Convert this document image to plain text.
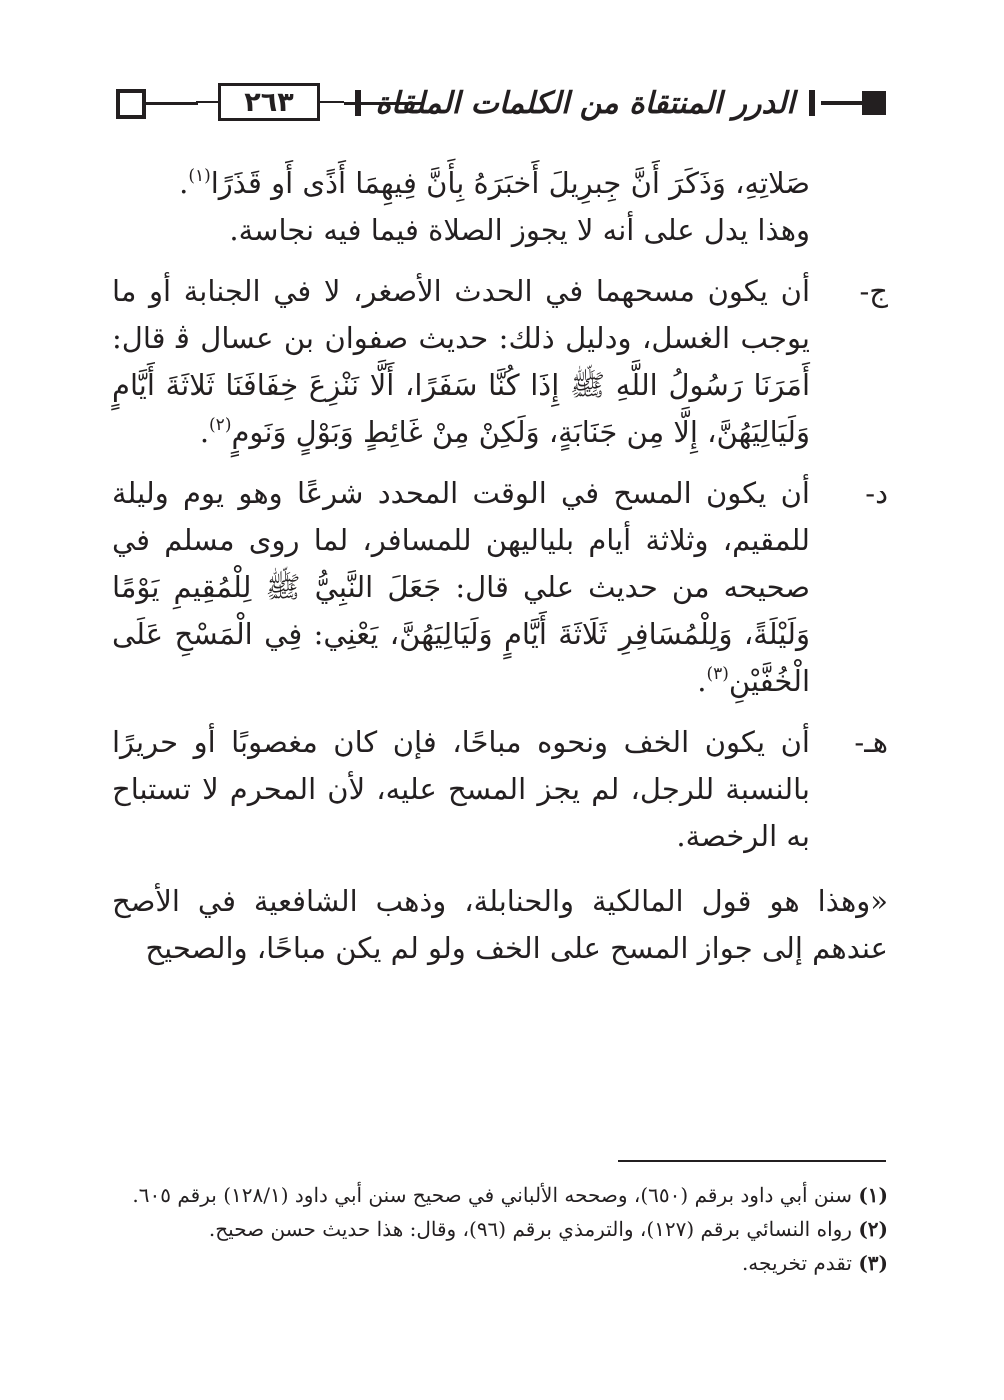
٢٦٣	الدرر المنتقاة من الكلمات الملقاة

صَلاتِهِ، وَذَكَرَ أَنَّ جِبرِيلَ أَخبَرَهُ بِأَنَّ فِيهِمَا أَذًى أَو قَذَرًا$^{(١)}$.
وهذا يدل على أنه لا يجوز الصلاة فيما فيه نجاسة.

ج-

أن يكون مسحهما في الحدث الأصغر، لا في الجنابة أو ما يوجب الغسل، ودليل ذلك: حديث صفوان بن عسال ﭬ قال: أَمَرَنَا رَسُولُ اللَّهِ ﷺ إِذَا كُنَّا سَفَرًا، أَلَّا نَنْزِعَ خِفَافَنَا ثَلاثَةَ أَيَّامٍ وَلَيَالِيَهُنَّ، إِلَّا مِن جَنَابَةٍ، وَلَكِنْ مِنْ غَائِطٍ وَبَوْلٍ وَنَومٍ$^{(٢)}$.

د-

أن يكون المسح في الوقت المحدد شرعًا وهو يوم وليلة للمقيم، وثلاثة أيام بلياليهن للمسافر، لما روى مسلم في صحيحه من حديث علي قال: جَعَلَ النَّبِيُّ ﷺ لِلْمُقِيمِ يَوْمًا وَلَيْلَةً، وَلِلْمُسَافِرِ ثَلَاثَةَ أَيَّامٍ وَلَيَالِيَهُنَّ، يَعْنِي: فِي الْمَسْحِ عَلَى الْخُفَّيْنِ$^{(٣)}$.

هـ-

أن يكون الخف ونحوه مباحًا، فإن كان مغصوبًا أو حريرًا بالنسبة للرجل، لم يجز المسح عليه، لأن المحرم لا تستباح به الرخصة.

«وهذا هو قول المالكية والحنابلة، وذهب الشافعية في الأصح عندهم إلى جواز المسح على الخف ولو لم يكن مباحًا، والصحيح

(١) سنن أبي داود برقم (٦٥٠)، وصححه الألباني في صحيح سنن أبي داود (١٢٨/١) برقم ٦٠٥.

(٢) رواه النسائي برقم (١٢٧)، والترمذي برقم (٩٦)، وقال: هذا حديث حسن صحيح.

(٣) تقدم تخريجه.
